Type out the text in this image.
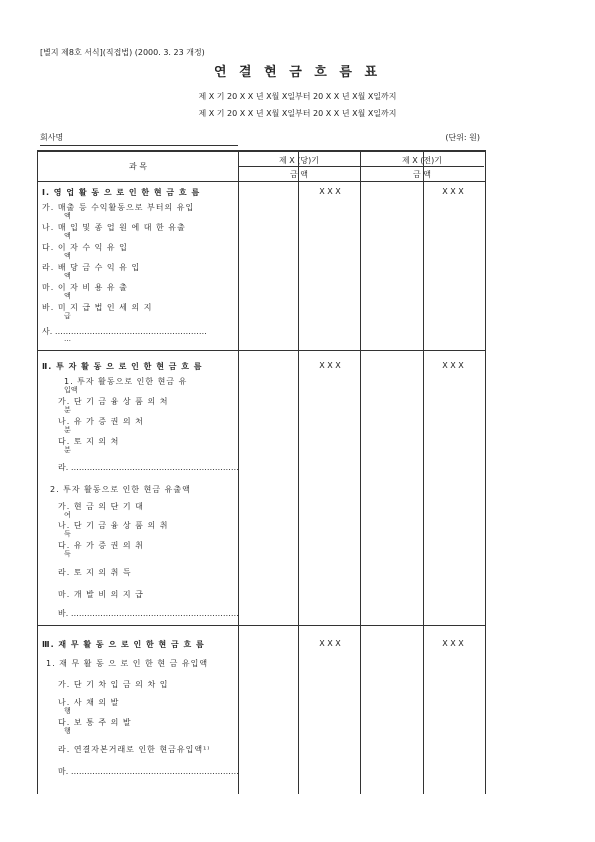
[별지 제8호 서식](직접법) (2000. 3. 23 개정)
연 결 현 금 흐 름 표
제 X 기 20 X X 년 X월 X일부터 20 X X 년 X월 X일까지
제 X 기 20 X X 년 X월 X일부터 20 X X 년 X월 X일까지
회사명	(단위: 원)
과 목
제 X (당)기	제 X (전)기
금 액	금 액
Ⅰ. 영 업 활 동 으 로 인 한 현 금 흐 름	X X X	X X X
가. 매출 등 수익활동으로 부터의 유입
액
나. 매 입 및 종 업 원 에 대 한 유출
액
다. 이 자 수 익 유 입
액
라. 배 당 금 수 익 유 입
액
마. 이 자 비 용 유 출
액
바. 미 지 급 법 인 세 의 지
급
사. …………………………………………………
…
Ⅱ. 투 자 활 동 으 로 인 한 현 금 흐 름	X X X	X X X
1. 투자 활동으로 인한 현금 유
입액
가. 단 기 금 융 상 품 의 처
분
나. 유 가 증 권 의 처
분
다. 토 지 의 처
분
라. ………………………………………………………
2. 투자 활동으로 인한 현금 유출액
가. 현 금 의 단 기 대
여
나. 단 기 금 융 상 품 의 취
득
다. 유 가 증 권 의 취
득
라. 토 지 의 취 득
마. 개 발 비 의 지 급
바. ………………………………………………………
Ⅲ. 재 무 활 동 으 로 인 한 현 금 흐 름	X X X	X X X
1. 재 무 활 동 으 로 인 한 현 금 유입액
가. 단 기 차 입 금 의 차 입
나. 사 채 의 발
행
다. 보 통 주 의 발
행
라. 연결자본거래로 인한 현금유입액¹⁾
마. ………………………………………………………
